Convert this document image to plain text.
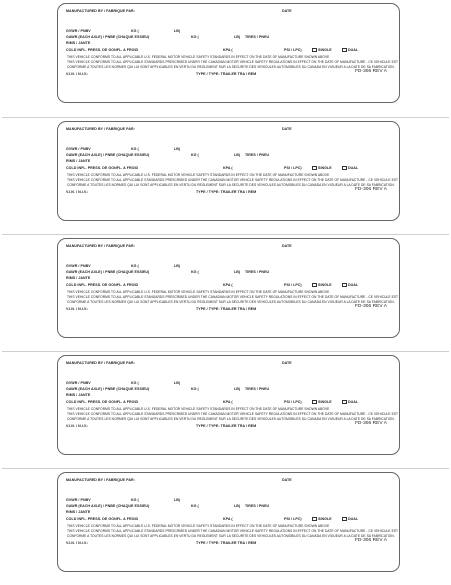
MANUFACTURED BY / FABRIQUE PAR:	DATE
GVWR / PNBV	KG (	LB)
GAWR (EACH AXLE) / PNBE (CHAQUE ESSIEU)	KG (	LB) TIRES / PNEU
RIMS / JANTE
COLD INFL. PRESS. DE GONFL. A FROID	KPA (	PSI / LPC)	SINGLE	DUAL
THIS VEHICLE CONFORMS TO ALL APPLICABLE U.S. FEDERAL MOTOR VEHICLE SAFETY STANDARDS IN EFFECT ON THE DATE OF MANUFACTURE SHOWN ABOVE
THIS VEHICLE CONFORMS TO ALL APPLICABLE STANDARDS PRESCRIBED UNDER THE CANADIAN MOTOR VEHICLE SAFETY REGULATIONS IN EFFECT ON THE DATE OF MANUFACTURE - CE VEHICULE EST
CONFORME A TOUTES LES NORMES QUI LUI SONT APPLICABLES EN VERTU DU REGLEMENT SUR LA SECURITE DES VEHICULES AUTOMOBILES DU CANADA EN VIGUEUR A LA DATE DE SA FABRICATION.
V.I.N. / N.I.V.:	TYPE / TYPE: TRAILER TRA / REM	FD-306 REV A
MANUFACTURED BY / FABRIQUE PAR:	DATE
GVWR / PNBV	KG (	LB)
GAWR (EACH AXLE) / PNBE (CHAQUE ESSIEU)	KG (	LB) TIRES / PNEU
RIMS / JANTE
COLD INFL. PRESS. DE GONFL. A FROID	KPA (	PSI / LPC)	SINGLE	DUAL
THIS VEHICLE CONFORMS TO ALL APPLICABLE U.S. FEDERAL MOTOR VEHICLE SAFETY STANDARDS IN EFFECT ON THE DATE OF MANUFACTURE SHOWN ABOVE
THIS VEHICLE CONFORMS TO ALL APPLICABLE STANDARDS PRESCRIBED UNDER THE CANADIAN MOTOR VEHICLE SAFETY REGULATIONS IN EFFECT ON THE DATE OF MANUFACTURE - CE VEHICULE EST
CONFORME A TOUTES LES NORMES QUI LUI SONT APPLICABLES EN VERTU DU REGLEMENT SUR LA SECURITE DES VEHICULES AUTOMOBILES DU CANADA EN VIGUEUR A LA DATE DE SA FABRICATION.
V.I.N. / N.I.V.:	TYPE / TYPE: TRAILER TRA / REM	FD-306 REV A
MANUFACTURED BY / FABRIQUE PAR:	DATE
GVWR / PNBV	KG (	LB)
GAWR (EACH AXLE) / PNBE (CHAQUE ESSIEU)	KG (	LB) TIRES / PNEU
RIMS / JANTE
COLD INFL. PRESS. DE GONFL. A FROID	KPA (	PSI / LPC)	SINGLE	DUAL
THIS VEHICLE CONFORMS TO ALL APPLICABLE U.S. FEDERAL MOTOR VEHICLE SAFETY STANDARDS IN EFFECT ON THE DATE OF MANUFACTURE SHOWN ABOVE
THIS VEHICLE CONFORMS TO ALL APPLICABLE STANDARDS PRESCRIBED UNDER THE CANADIAN MOTOR VEHICLE SAFETY REGULATIONS IN EFFECT ON THE DATE OF MANUFACTURE - CE VEHICULE EST
CONFORME A TOUTES LES NORMES QUI LUI SONT APPLICABLES EN VERTU DU REGLEMENT SUR LA SECURITE DES VEHICULES AUTOMOBILES DU CANADA EN VIGUEUR A LA DATE DE SA FABRICATION.
V.I.N. / N.I.V.:	TYPE / TYPE: TRAILER TRA / REM	FD-306 REV A
MANUFACTURED BY / FABRIQUE PAR:	DATE
GVWR / PNBV	KG (	LB)
GAWR (EACH AXLE) / PNBE (CHAQUE ESSIEU)	KG (	LB) TIRES / PNEU
RIMS / JANTE
COLD INFL. PRESS. DE GONFL. A FROID	KPA (	PSI / LPC)	SINGLE	DUAL
THIS VEHICLE CONFORMS TO ALL APPLICABLE U.S. FEDERAL MOTOR VEHICLE SAFETY STANDARDS IN EFFECT ON THE DATE OF MANUFACTURE SHOWN ABOVE
THIS VEHICLE CONFORMS TO ALL APPLICABLE STANDARDS PRESCRIBED UNDER THE CANADIAN MOTOR VEHICLE SAFETY REGULATIONS IN EFFECT ON THE DATE OF MANUFACTURE - CE VEHICULE EST
CONFORME A TOUTES LES NORMES QUI LUI SONT APPLICABLES EN VERTU DU REGLEMENT SUR LA SECURITE DES VEHICULES AUTOMOBILES DU CANADA EN VIGUEUR A LA DATE DE SA FABRICATION.
V.I.N. / N.I.V.:	TYPE / TYPE: TRAILER TRA / REM	FD-306 REV A
MANUFACTURED BY / FABRIQUE PAR:	DATE
GVWR / PNBV	KG (	LB)
GAWR (EACH AXLE) / PNBE (CHAQUE ESSIEU)	KG (	LB) TIRES / PNEU
RIMS / JANTE
COLD INFL. PRESS. DE GONFL. A FROID	KPA (	PSI / LPC)	SINGLE	DUAL
THIS VEHICLE CONFORMS TO ALL APPLICABLE U.S. FEDERAL MOTOR VEHICLE SAFETY STANDARDS IN EFFECT ON THE DATE OF MANUFACTURE SHOWN ABOVE
THIS VEHICLE CONFORMS TO ALL APPLICABLE STANDARDS PRESCRIBED UNDER THE CANADIAN MOTOR VEHICLE SAFETY REGULATIONS IN EFFECT ON THE DATE OF MANUFACTURE - CE VEHICULE EST
CONFORME A TOUTES LES NORMES QUI LUI SONT APPLICABLES EN VERTU DU REGLEMENT SUR LA SECURITE DES VEHICULES AUTOMOBILES DU CANADA EN VIGUEUR A LA DATE DE SA FABRICATION.
V.I.N. / N.I.V.:	TYPE / TYPE: TRAILER TRA / REM	FD-306 REV A
